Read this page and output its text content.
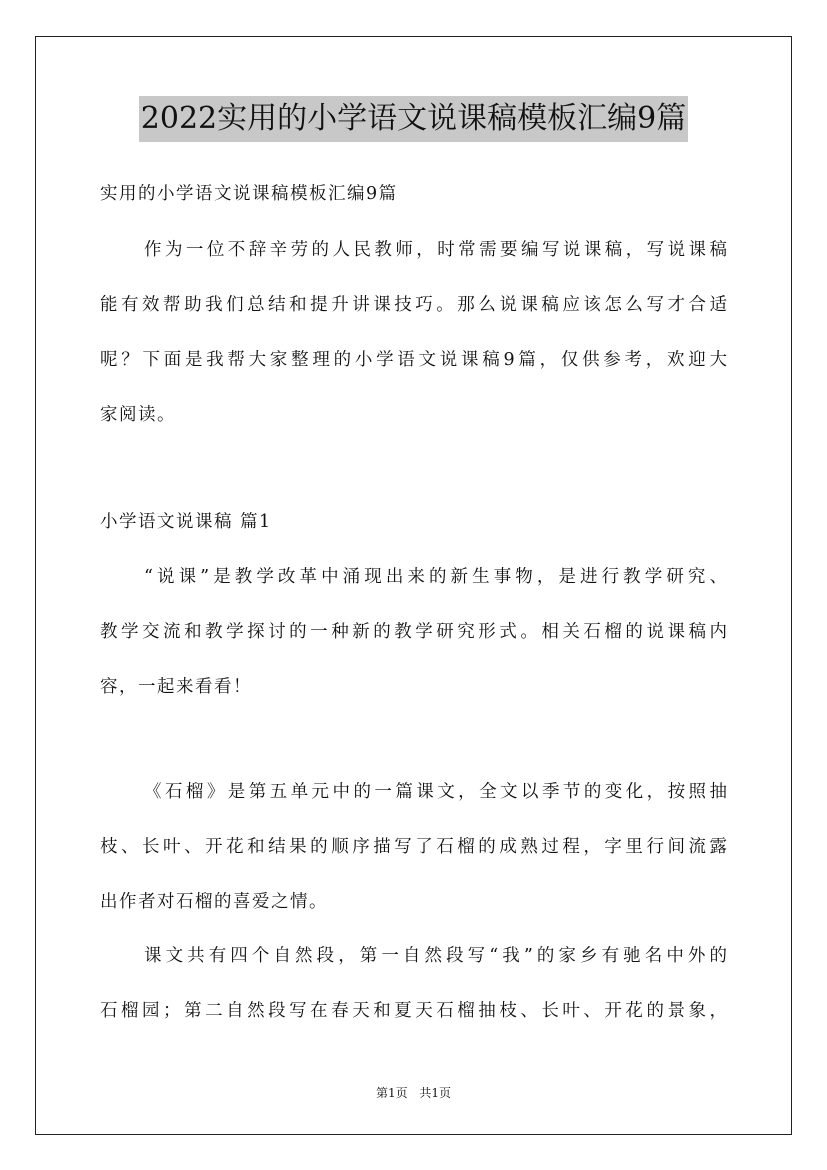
2022实用的小学语文说课稿模板汇编9篇
实用的小学语文说课稿模板汇编9篇
作为一位不辞辛劳的人民教师，时常需要编写说课稿，写说课稿
能有效帮助我们总结和提升讲课技巧。那么说课稿应该怎么写才合适
呢？下面是我帮大家整理的小学语文说课稿9篇，仅供参考，欢迎大
家阅读。
小学语文说课稿 篇1
“说课”是教学改革中涌现出来的新生事物，是进行教学研究、
教学交流和教学探讨的一种新的教学研究形式。相关石榴的说课稿内
容，一起来看看！
《石榴》是第五单元中的一篇课文，全文以季节的变化，按照抽
枝、长叶、开花和结果的顺序描写了石榴的成熟过程，字里行间流露
出作者对石榴的喜爱之情。
课文共有四个自然段，第一自然段写“我”的家乡有驰名中外的
石榴园；第二自然段写在春天和夏天石榴抽枝、长叶、开花的景象，
第1页 共1页
